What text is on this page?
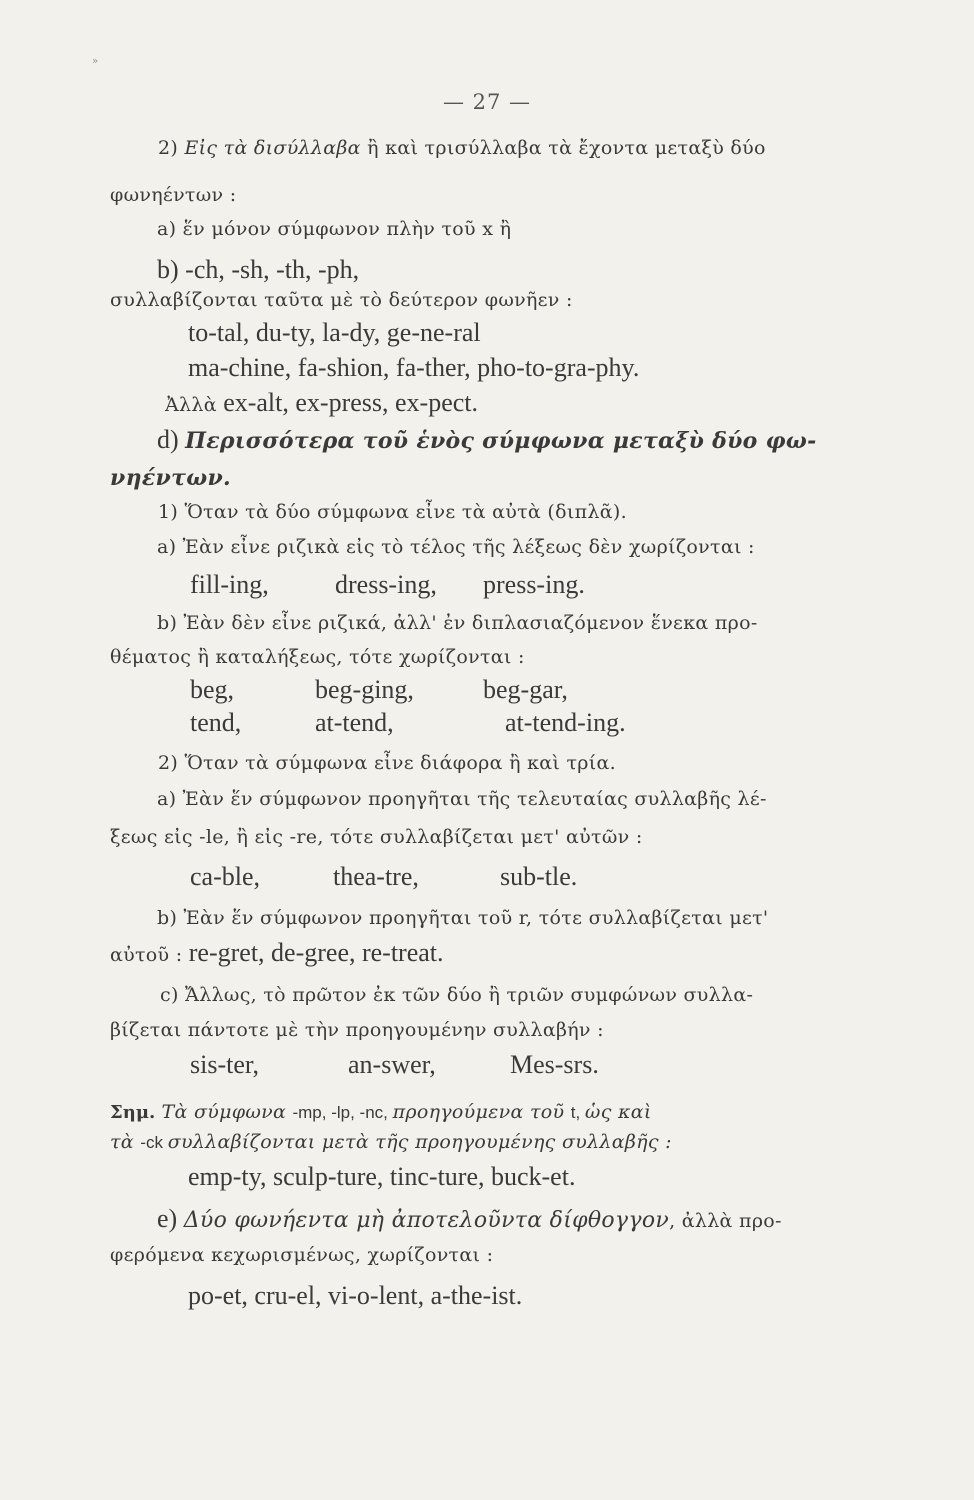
»
— 27 —
2) Εἰς τὰ δισύλλαβα ἢ καὶ τρισύλλαβα τὰ ἔχοντα μεταξὺ δύο
φωνηέντων :
a) ἕν μόνον σύμφωνον πλὴν τοῦ x ἢ
b) -ch, -sh, -th, -ph,
συλλαβίζονται ταῦτα μὲ τὸ δεύτερον φωνῆεν :
to-tal, du-ty, la-dy, ge-ne-ral
ma-chine, fa-shion, fa-ther, pho-to-gra-phy.
Ἀλλὰ ex-alt, ex-press, ex-pect.
d) Περισσότερα τοῦ ἑνὸς σύμφωνα μεταξὺ δύο φω-
νηέντων.
1) Ὅταν τὰ δύο σύμφωνα εἶνε τὰ αὐτὰ (διπλᾶ).
a) Ἐὰν εἶνε ριζικὰ εἰς τὸ τέλος τῆς λέξεως δὲν χωρίζονται :
fill-ing,	dress-ing, press-ing.
b) Ἐὰν δὲν εἶνε ριζικά, ἀλλ' ἐν διπλασιαζόμενον ἕνεκα προ-
θέματος ἢ καταλήξεως, τότε χωρίζονται :
beg,	beg-ging,	beg-gar,
tend,	at-tend,	at-tend-ing.
2) Ὅταν τὰ σύμφωνα εἶνε διάφορα ἢ καὶ τρία.
a) Ἐὰν ἕν σύμφωνον προηγῆται τῆς τελευταίας συλλαβῆς λέ-
ξεως εἰς -le, ἢ εἰς -re, τότε συλλαβίζεται μετ' αὐτῶν :
ca-ble,	thea-tre,	sub-tle.
b) Ἐὰν ἕν σύμφωνον προηγῆται τοῦ r, τότε συλλαβίζεται μετ'
αὐτοῦ : re-gret, de-gree, re-treat.
c) Ἄλλως, τὸ πρῶτον ἐκ τῶν δύο ἢ τριῶν συμφώνων συλλα-
βίζεται πάντοτε μὲ τὴν προηγουμένην συλλαβήν :
sis-ter,	an-swer,	Mes-srs.
Σημ. Τὰ σύμφωνα -mp, -lp, -nc, προηγούμενα τοῦ t, ὡς καὶ
τὰ -ck συλλαβίζονται μετὰ τῆς προηγουμένης συλλαβῆς :
emp-ty, sculp-ture, tinc-ture, buck-et.
e) Δύο φωνήεντα μὴ ἀποτελοῦντα δίφθογγον, ἀλλὰ προ-
φερόμενα κεχωρισμένως, χωρίζονται :
po-et, cru-el, vi-o-lent, a-the-ist.
